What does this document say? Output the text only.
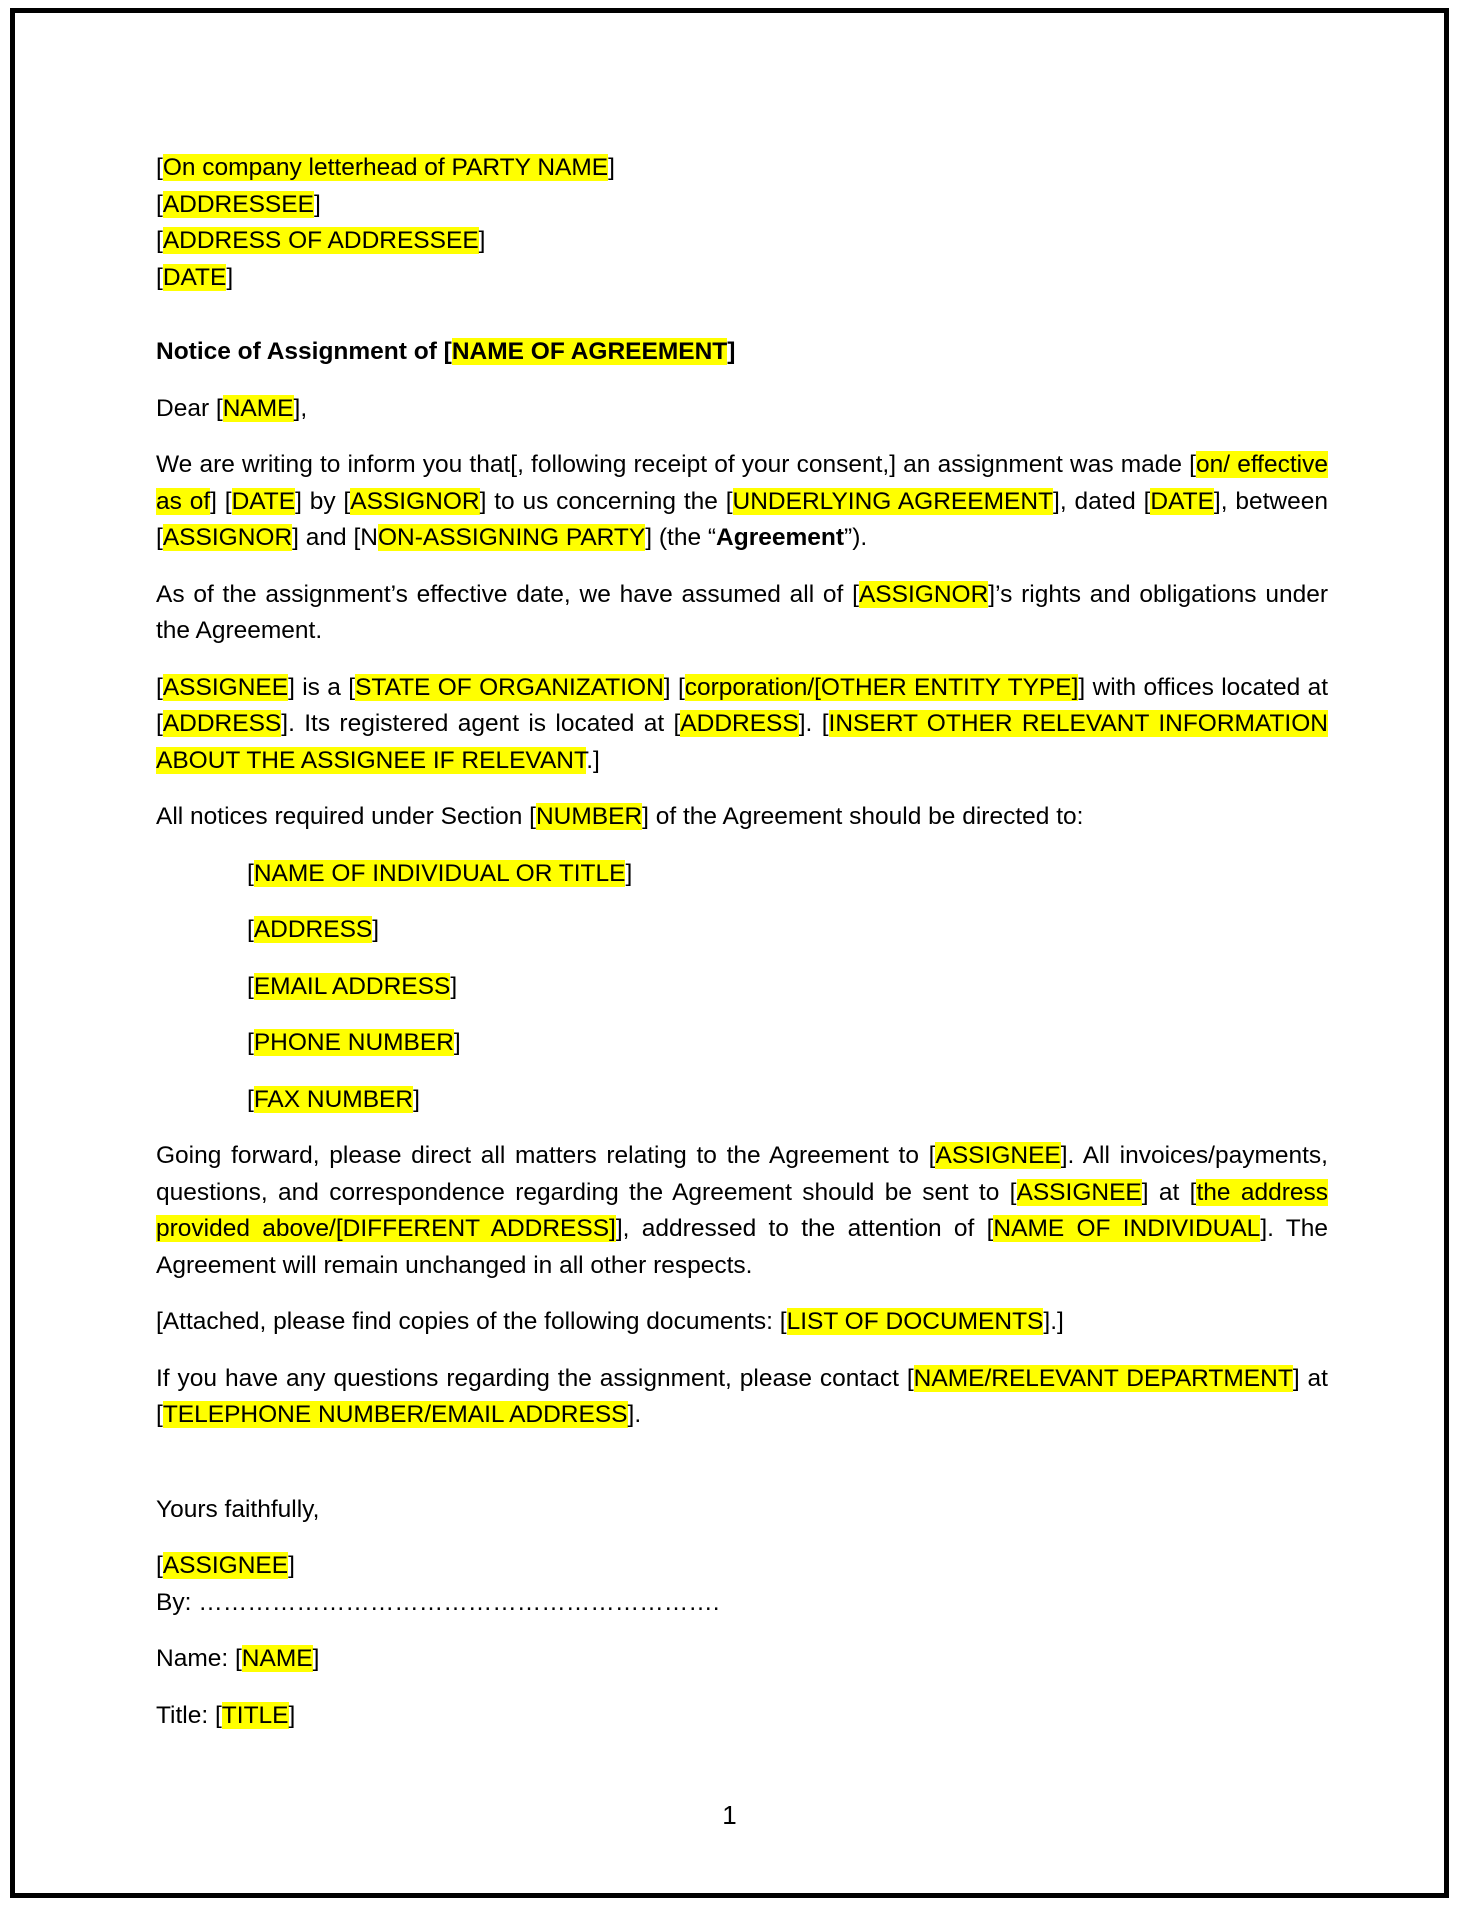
[On company letterhead of PARTY NAME]
[ADDRESSEE]
[ADDRESS OF ADDRESSEE]
[DATE]

Notice of Assignment of [NAME OF AGREEMENT]

Dear [NAME],

We are writing to inform you that[, following receipt of your consent,] an assignment was made [on/ effective as of] [DATE] by [ASSIGNOR] to us concerning the [UNDERLYING AGREEMENT], dated [DATE], between [ASSIGNOR] and [NON-ASSIGNING PARTY] (the “Agreement”).

As of the assignment’s effective date, we have assumed all of [ASSIGNOR]’s rights and obligations under the Agreement.

[ASSIGNEE] is a [STATE OF ORGANIZATION] [corporation/[OTHER ENTITY TYPE]] with offices located at [ADDRESS]. Its registered agent is located at [ADDRESS]. [INSERT OTHER RELEVANT INFORMATION ABOUT THE ASSIGNEE IF RELEVANT.]

All notices required under Section [NUMBER] of the Agreement should be directed to:

[NAME OF INDIVIDUAL OR TITLE]

[ADDRESS]

[EMAIL ADDRESS]

[PHONE NUMBER]

[FAX NUMBER]

Going forward, please direct all matters relating to the Agreement to [ASSIGNEE]. All invoices/payments, questions, and correspondence regarding the Agreement should be sent to [ASSIGNEE] at [the address provided above/[DIFFERENT ADDRESS]], addressed to the attention of [NAME OF INDIVIDUAL]. The Agreement will remain unchanged in all other respects.

[Attached, please find copies of the following documents: [LIST OF DOCUMENTS].]

If you have any questions regarding the assignment, please contact [NAME/RELEVANT DEPARTMENT] at [TELEPHONE NUMBER/EMAIL ADDRESS].

Yours faithfully,

[ASSIGNEE]

By: ……………………………………………………….

Name: [NAME]

Title: [TITLE]

1
